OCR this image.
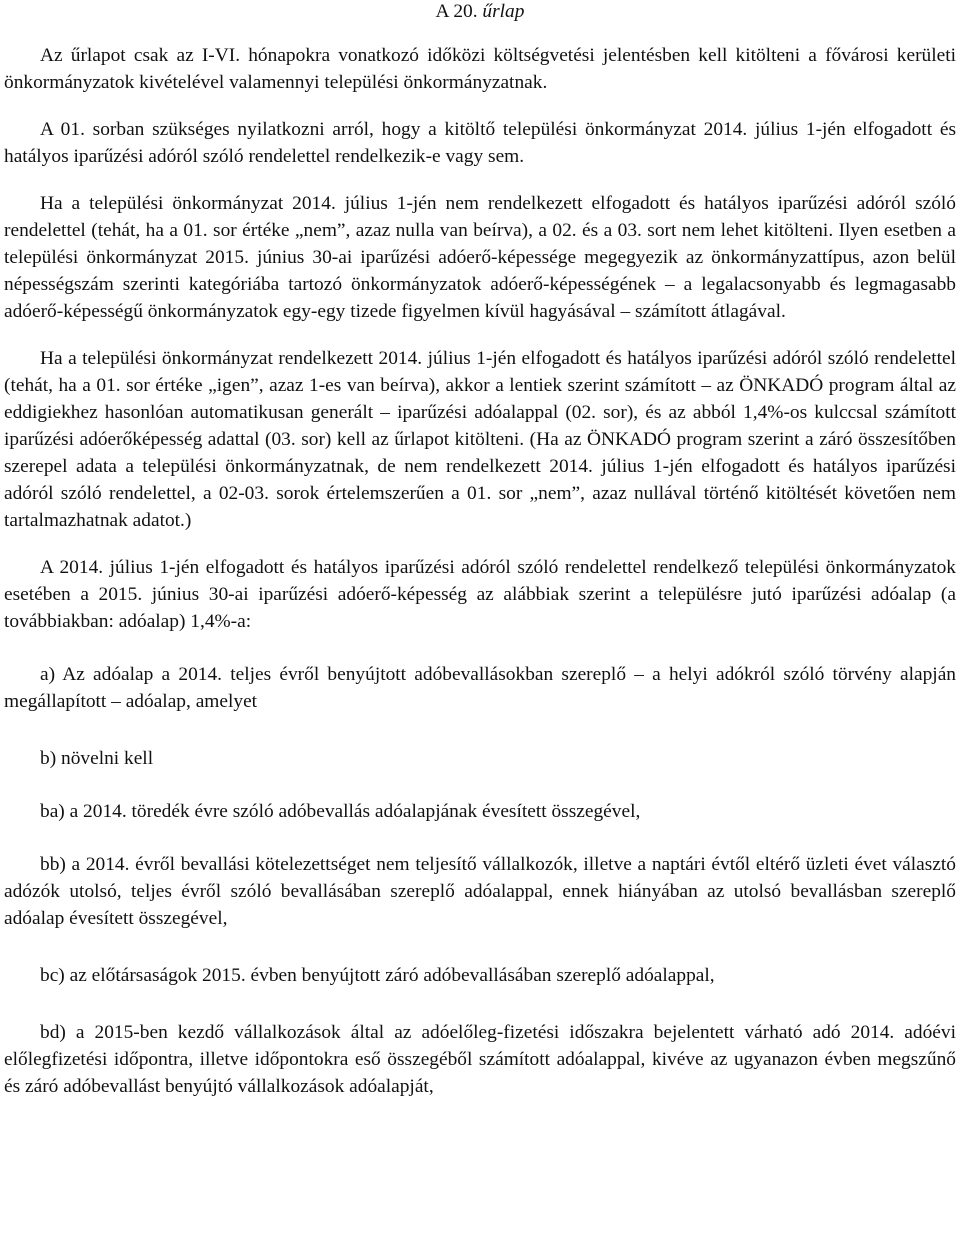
A 20. űrlap

Az űrlapot csak az I-VI. hónapokra vonatkozó időközi költségvetési jelentésben kell kitölteni a fővárosi kerületi önkormányzatok kivételével valamennyi települési önkormányzatnak.

A 01. sorban szükséges nyilatkozni arról, hogy a kitöltő települési önkormányzat 2014. július 1-jén elfogadott és hatályos iparűzési adóról szóló rendelettel rendelkezik-e vagy sem.

Ha a települési önkormányzat 2014. július 1-jén nem rendelkezett elfogadott és hatályos iparűzési adóról szóló rendelettel (tehát, ha a 01. sor értéke „nem”, azaz nulla van beírva), a 02. és a 03. sort nem lehet kitölteni. Ilyen esetben a települési önkormányzat 2015. június 30-ai iparűzési adóerő-képessége megegyezik az önkormányzattípus, azon belül népességszám szerinti kategóriába tartozó önkormányzatok adóerő-képességének – a legalacsonyabb és legmagasabb adóerő-képességű önkormányzatok egy-egy tizede figyelmen kívül hagyásával – számított átlagával.

Ha a települési önkormányzat rendelkezett 2014. július 1-jén elfogadott és hatályos iparűzési adóról szóló rendelettel (tehát, ha a 01. sor értéke „igen”, azaz 1-es van beírva), akkor a lentiek szerint számított – az ÖNKADÓ program által az eddigiekhez hasonlóan automatikusan generált – iparűzési adóalappal (02. sor), és az abból 1,4%-os kulccsal számított iparűzési adóerőképesség adattal (03. sor) kell az űrlapot kitölteni. (Ha az ÖNKADÓ program szerint a záró összesítőben szerepel adata a települési önkormányzatnak, de nem rendelkezett 2014. július 1-jén elfogadott és hatályos iparűzési adóról szóló rendelettel, a 02-03. sorok értelemszerűen a 01. sor „nem”, azaz nullával történő kitöltését követően nem tartalmazhatnak adatot.)

A 2014. július 1-jén elfogadott és hatályos iparűzési adóról szóló rendelettel rendelkező települési önkormányzatok esetében a 2015. június 30-ai iparűzési adóerő-képesség az alábbiak szerint a településre jutó iparűzési adóalap (a továbbiakban: adóalap) 1,4%-a:

a) Az adóalap a 2014. teljes évről benyújtott adóbevallásokban szereplő – a helyi adókról szóló törvény alapján megállapított – adóalap, amelyet

b) növelni kell

ba) a 2014. töredék évre szóló adóbevallás adóalapjának évesített összegével,

bb) a 2014. évről bevallási kötelezettséget nem teljesítő vállalkozók, illetve a naptári évtől eltérő üzleti évet választó adózók utolsó, teljes évről szóló bevallásában szereplő adóalappal, ennek hiányában az utolsó bevallásban szereplő adóalap évesített összegével,

bc) az előtársaságok 2015. évben benyújtott záró adóbevallásában szereplő adóalappal,

bd) a 2015-ben kezdő vállalkozások által az adóelőleg-fizetési időszakra bejelentett várható adó 2014. adóévi előlegfizetési időpontra, illetve időpontokra eső összegéből számított adóalappal, kivéve az ugyanazon évben megszűnő és záró adóbevallást benyújtó vállalkozások adóalapját,
